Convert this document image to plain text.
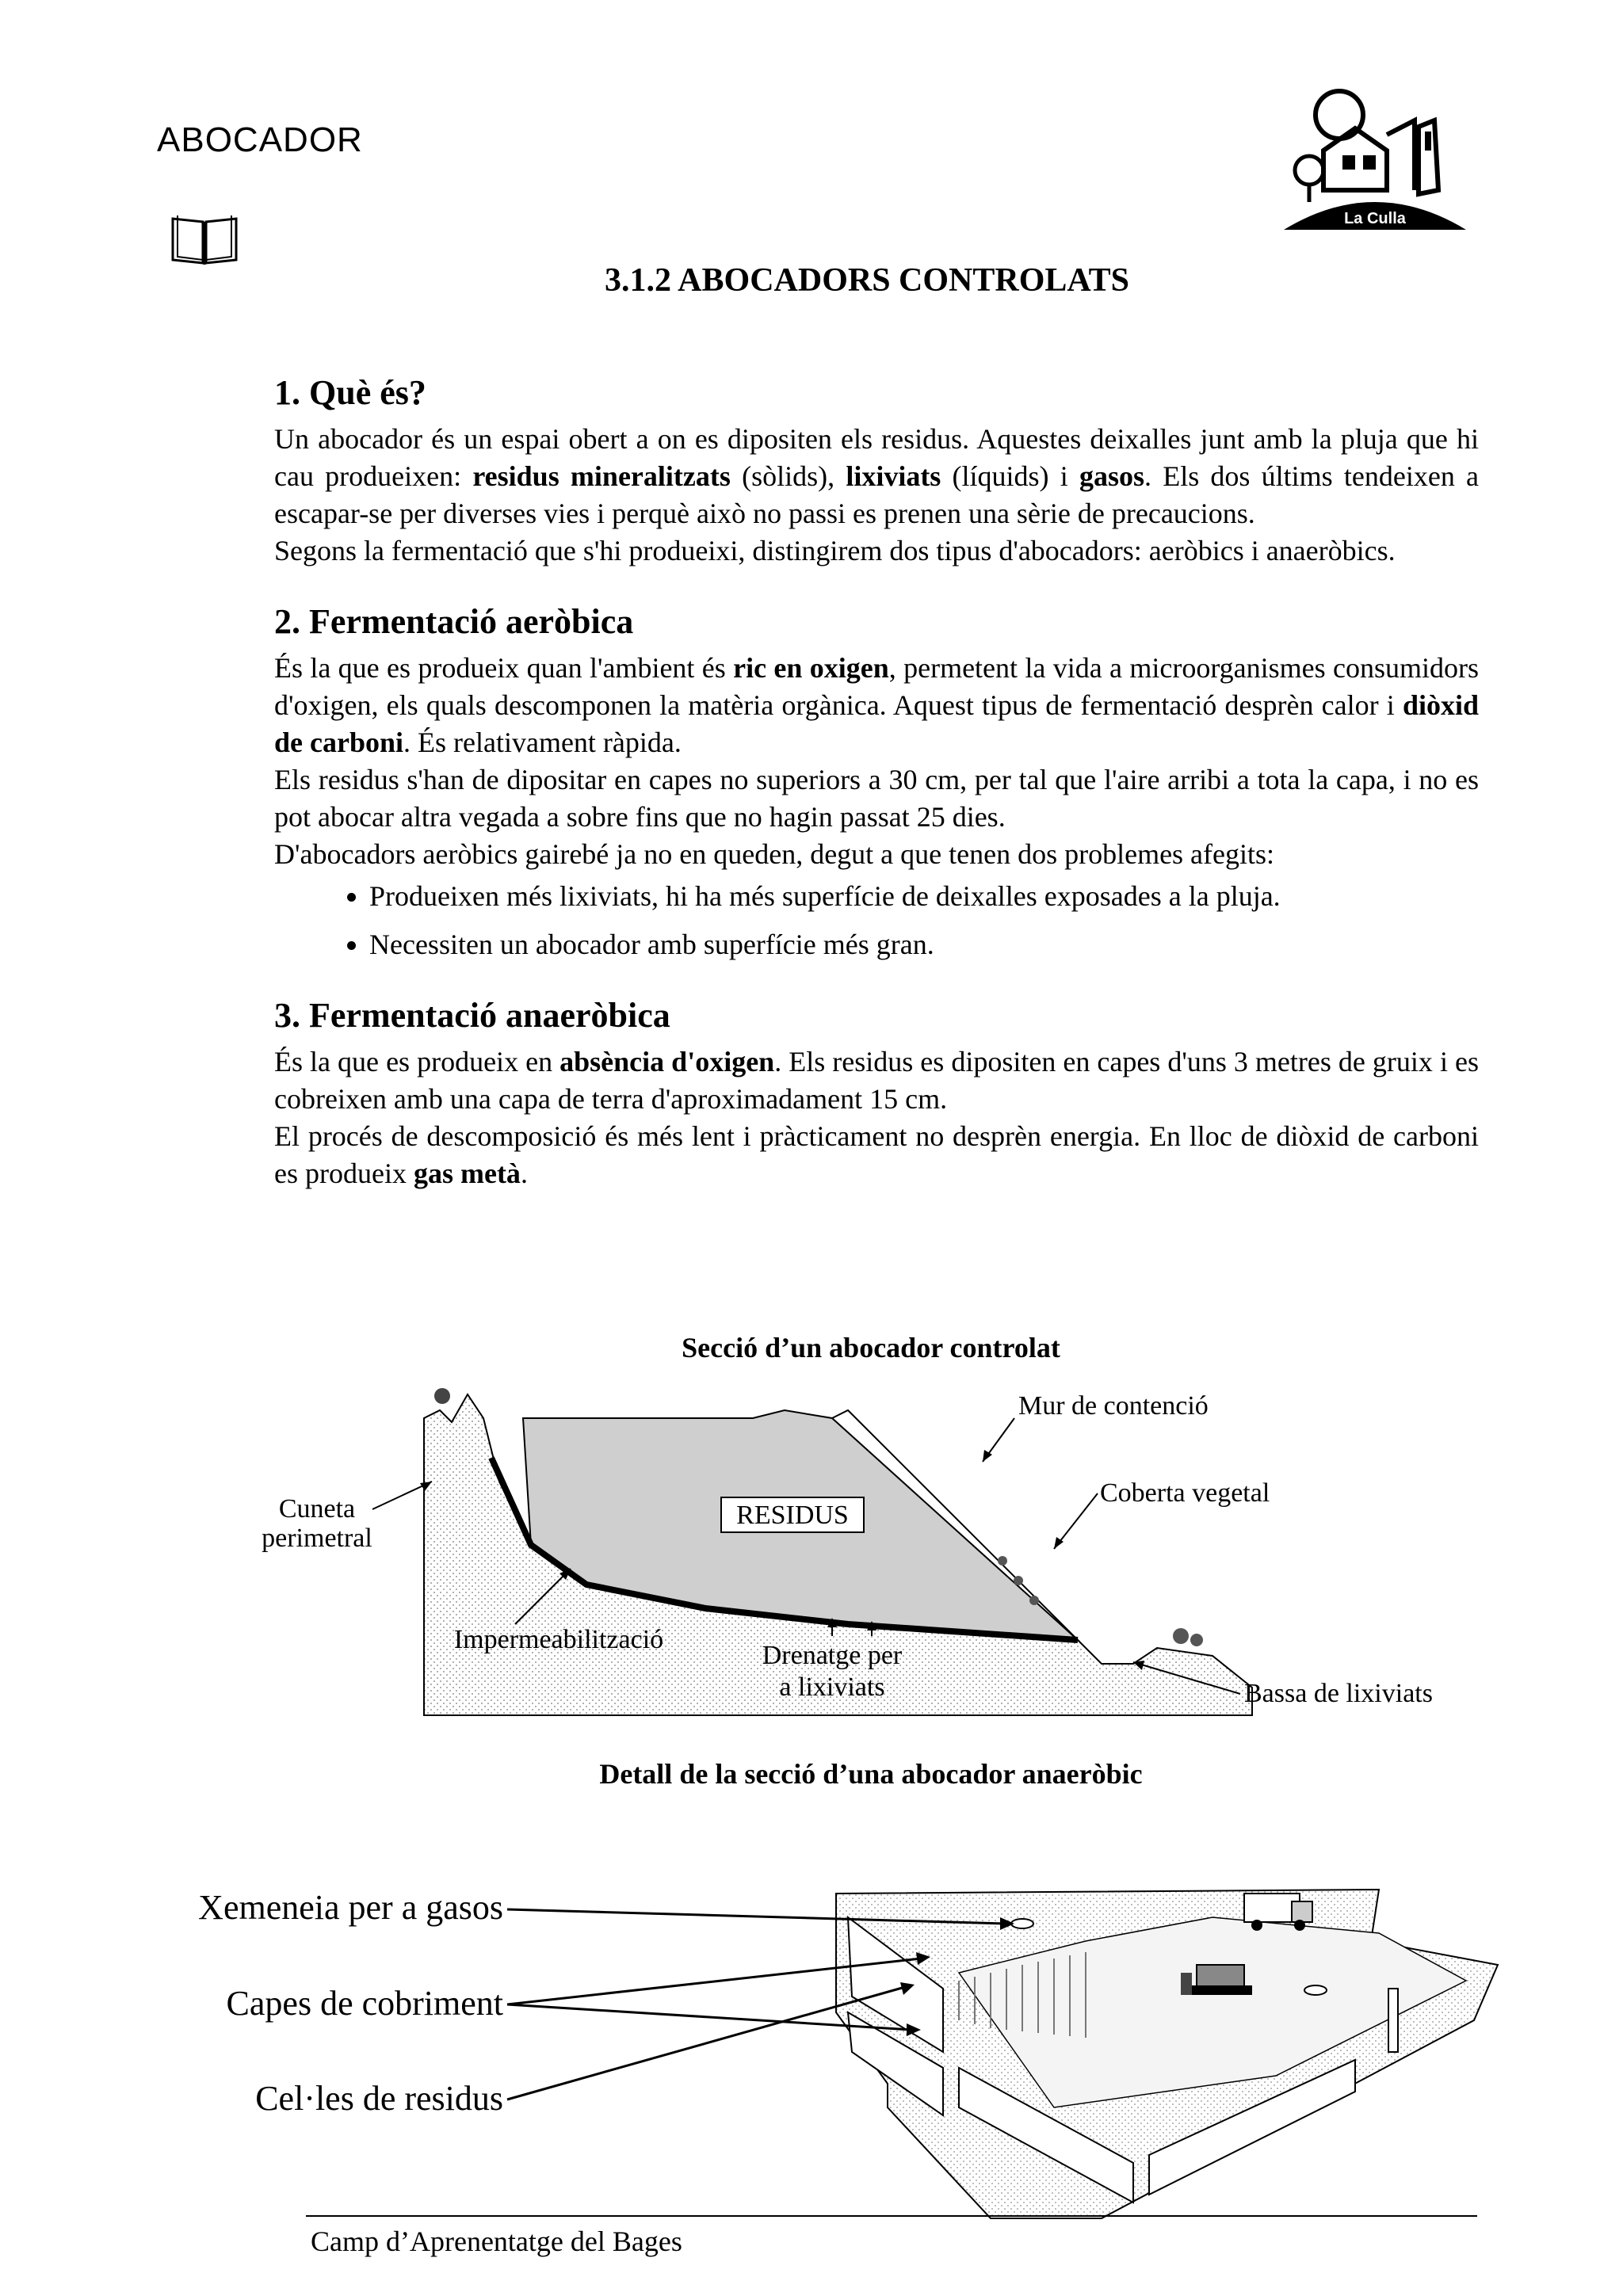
ABOCADOR
La Culla
3.1.2 ABOCADORS CONTROLATS
1. Què és?

Un abocador és un espai obert a on es dipositen els residus. Aquestes deixalles junt amb la pluja que hi cau produeixen: residus mineralitzats (sòlids), lixiviats (líquids) i gasos. Els dos últims tendeixen a escapar-se per diverses vies i perquè això no passi es prenen una sèrie de precaucions.

Segons la fermentació que s'hi produeixi, distingirem dos tipus d'abocadors: aeròbics i anaeròbics.

2. Fermentació aeròbica

És la que es produeix quan l'ambient és ric en oxigen, permetent la vida a microorganismes consumidors d'oxigen, els quals descomponen la matèria orgànica. Aquest tipus de fermentació desprèn calor i diòxid de carboni. És relativament ràpida.

Els residus s'han de dipositar en capes no superiors a 30 cm, per tal que l'aire arribi a tota la capa, i no es pot abocar altra vegada a sobre fins que no hagin passat 25 dies.

D'abocadors aeròbics gairebé ja no en queden, degut a que tenen dos problemes afegits:

• Produeixen més lixiviats, hi ha més superfície de deixalles exposades a la pluja.
• Necessiten un abocador amb superfície més gran.
3. Fermentació anaeròbica

És la que es produeix en absència d'oxigen. Els residus es dipositen en capes d'uns 3 metres de gruix i es cobreixen amb una capa de terra d'aproximadament 15 cm.

El procés de descomposició és més lent i pràcticament no desprèn energia. En lloc de diòxid de carboni es produeix gas metà.

Secció d’un abocador controlat
RESIDUS
Cuneta
perimetral
Impermeabilització
Drenatge per
a lixiviats
Mur de contenció
Coberta vegetal
Bassa de lixiviats
Detall de la secció d’una abocador anaeròbic
Xemeneia per a gasos
Capes de cobriment
Cel·les de residus
Camp d’Aprenentatge del Bages
